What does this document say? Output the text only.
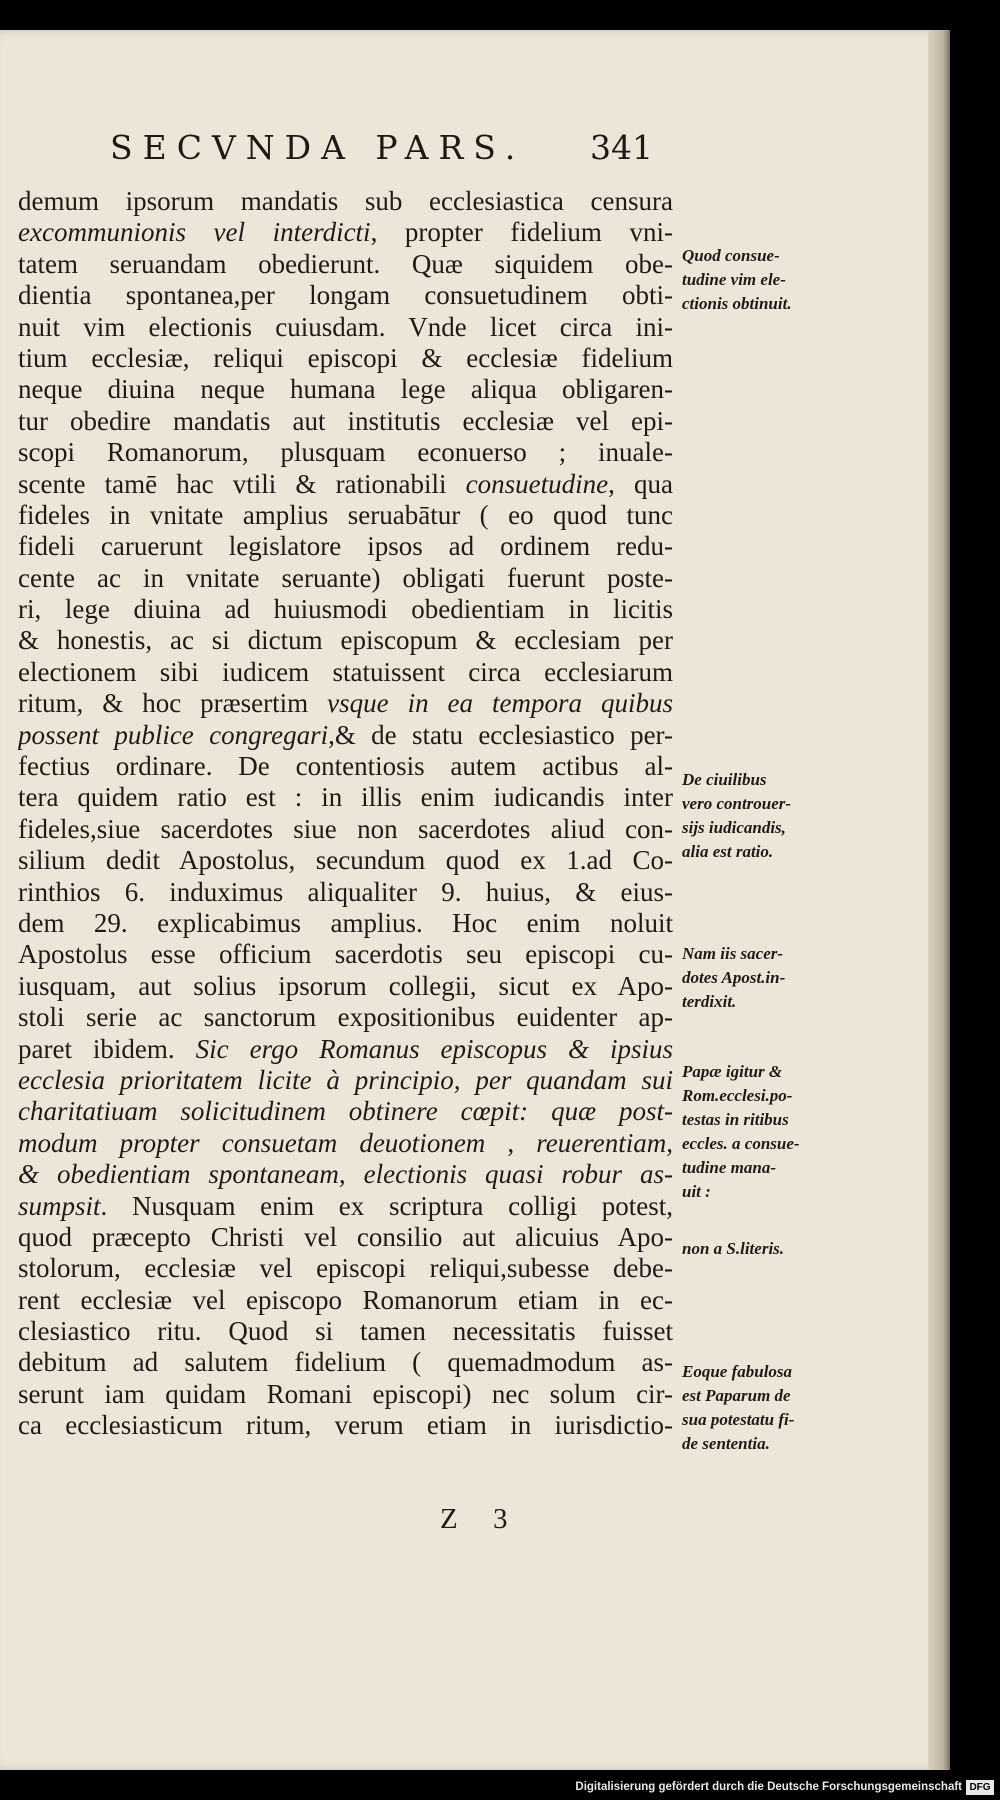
SECVNDA PARS.	341
demum ipsorum mandatis sub ecclesiastica censura
excommunionis vel interdicti, propter fidelium vni-
tatem seruandam obedierunt. Quæ siquidem obe-
dientia spontanea,per longam consuetudinem obti-
nuit vim electionis cuiusdam. Vnde licet circa ini-
tium ecclesiæ, reliqui episcopi & ecclesiæ fidelium
neque diuina neque humana lege aliqua obligaren-
tur obedire mandatis aut institutis ecclesiæ vel epi-
scopi Romanorum, plusquam econuerso ; inuale-
scente tamē hac vtili & rationabili consuetudine, qua
fideles in vnitate amplius seruabātur ( eo quod tunc
fideli caruerunt legislatore ipsos ad ordinem redu-
cente ac in vnitate seruante) obligati fuerunt poste-
ri, lege diuina ad huiusmodi obedientiam in licitis
& honestis, ac si dictum episcopum & ecclesiam per
electionem sibi iudicem statuissent circa ecclesiarum
ritum, & hoc præsertim vsque in ea tempora quibus
possent publice congregari,& de statu ecclesiastico per-
fectius ordinare. De contentiosis autem actibus al-
tera quidem ratio est : in illis enim iudicandis inter
fideles,siue sacerdotes siue non sacerdotes aliud con-
silium dedit Apostolus, secundum quod ex 1.ad Co-
rinthios 6. induximus aliqualiter 9. huius, & eius-
dem 29. explicabimus amplius. Hoc enim noluit
Apostolus esse officium sacerdotis seu episcopi cu-
iusquam, aut solius ipsorum collegii, sicut ex Apo-
stoli serie ac sanctorum expositionibus euidenter ap-
paret ibidem. Sic ergo Romanus episcopus & ipsius
ecclesia prioritatem licite à principio, per quandam sui
charitatiuam solicitudinem obtinere cœpit: quæ post-
modum propter consuetam deuotionem , reuerentiam,
& obedientiam spontaneam, electionis quasi robur as-
sumpsit. Nusquam enim ex scriptura colligi potest,
quod præcepto Christi vel consilio aut alicuius Apo-
stolorum, ecclesiæ vel episcopi reliqui,subesse debe-
rent ecclesiæ vel episcopo Romanorum etiam in ec-
clesiastico ritu. Quod si tamen necessitatis fuisset
debitum ad salutem fidelium ( quemadmodum as-
serunt iam quidam Romani episcopi) nec solum cir-
ca ecclesiasticum ritum, verum etiam in iurisdictio-
Quod consue-
tudine vim ele-
ctionis obtinuit.
De ciuilibus
vero controuer-
sijs iudicandis,
alia est ratio.
Nam iis sacer-
dotes Apost.in-
terdixit.
Papæ igitur &
Rom.ecclesi.po-
testas in ritibus
eccles. a consue-
tudine mana-
uit :
non a S.literis.
Eoque fabulosa
est Paparum de
sua potestatu fi-
de sententia.
Z 3
Digitalisierung gefördert durch die Deutsche Forschungsgemeinschaft DFG
